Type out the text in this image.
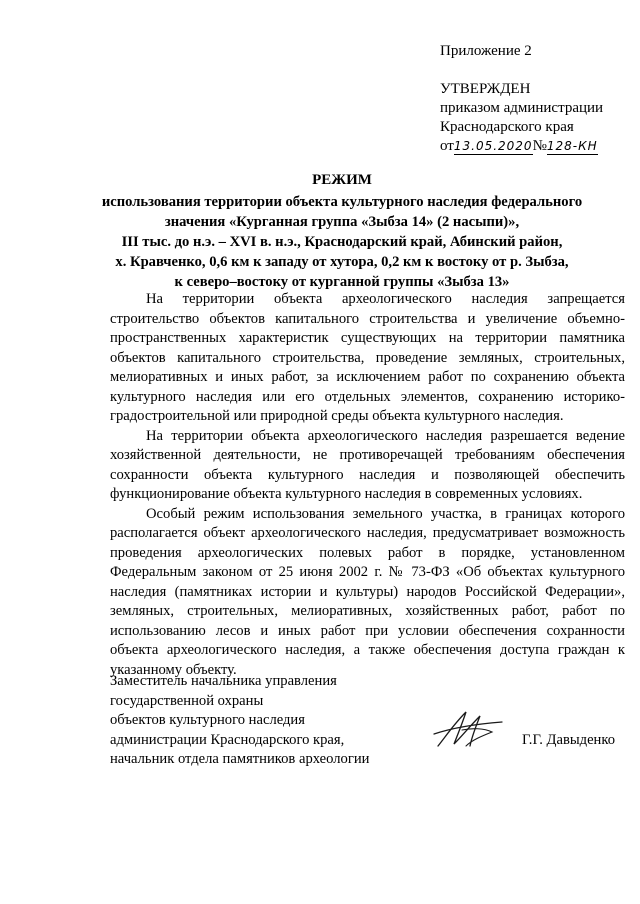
Приложение 2
УТВЕРЖДЕН
приказом администрации
Краснодарского края
от13.05.2020№128-КН
РЕЖИМ
использования территории объекта культурного наследия федерального
значения «Курганная группа «Зыбза 14» (2 насыпи)»,
III тыс. до н.э. – XVI в. н.э., Краснодарский край, Абинский район,
х. Кравченко, 0,6 км к западу от хутора, 0,2 км к востоку от р. Зыбза,
к северо–востоку от курганной группы «Зыбза 13»

На территории объекта археологического наследия запрещается строительство объектов капитального строительства и увеличение объемно-пространственных характеристик существующих на территории памятника объектов капитального строительства, проведение земляных, строительных, мелиоративных и иных работ, за исключением работ по сохранению объекта культурного наследия или его отдельных элементов, сохранению историко-градостроительной или природной среды объекта культурного наследия.

На территории объекта археологического наследия разрешается ведение хозяйственной деятельности, не противоречащей требованиям обеспечения сохранности объекта культурного наследия и позволяющей обеспечить функционирование объекта культурного наследия в современных условиях.

Особый режим использования земельного участка, в границах которого располагается объект археологического наследия, предусматривает возможность проведения археологических полевых работ в порядке, установленном Федеральным законом от 25 июня 2002 г. № 73-ФЗ «Об объектах культурного наследия (памятниках истории и культуры) народов Российской Федерации», земляных, строительных, мелиоративных, хозяйственных работ, работ по использованию лесов и иных работ при условии обеспечения сохранности объекта археологического наследия, а также обеспечения доступа граждан к указанному объекту.

Заместитель начальника управления
государственной охраны
объектов культурного наследия
администрации Краснодарского края,
начальник отдела памятников археологии
Г.Г. Давыденко
